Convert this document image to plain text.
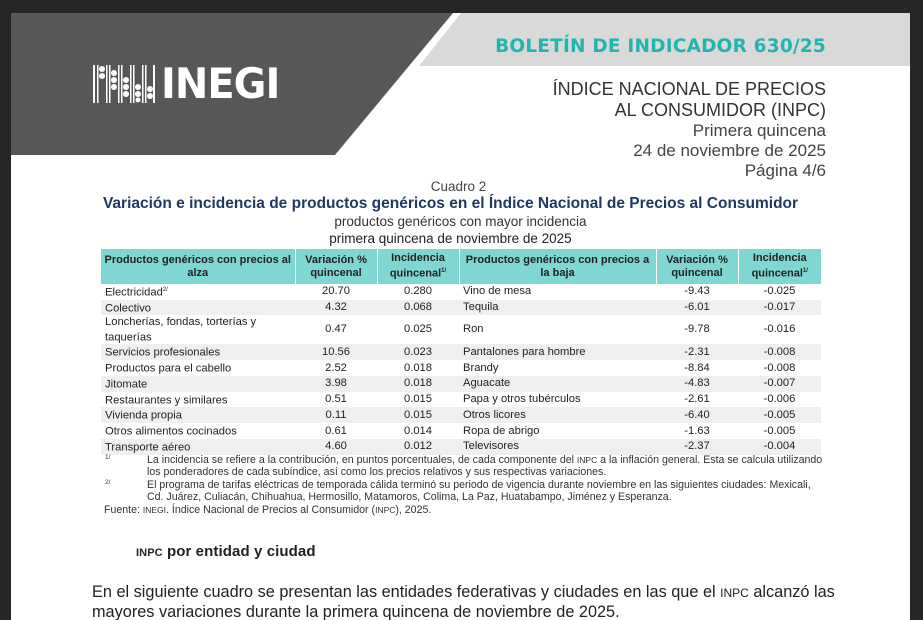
INEGI
BOLETÍN DE INDICADOR 630/25
ÍNDICE NACIONAL DE PRECIOS
AL CONSUMIDOR (INPC)
Primera quincena
24 de noviembre de 2025
Página 4/6
Cuadro 2
Variación e incidencia de productos genéricos en el Índice Nacional de Precios al Consumidor
productos genéricos con mayor incidencia
primera quincena de noviembre de 2025
Productos genéricos con precios al alza	Variación % quincenal	Incidencia quincenal$^{1/}$	Productos genéricos con precios a la baja	Variación % quincenal	Incidencia quincenal$^{1/}$
Electricidad$^{2/}$	20.70	0.280	Vino de mesa	-9.43	-0.025
Colectivo	4.32	0.068	Tequila	-6.01	-0.017
Loncherías, fondas, torterías y taquerías	0.47	0.025	Ron	-9.78	-0.016
Servicios profesionales	10.56	0.023	Pantalones para hombre	-2.31	-0.008
Productos para el cabello	2.52	0.018	Brandy	-8.84	-0.008
Jitomate	3.98	0.018	Aguacate	-4.83	-0.007
Restaurantes y similares	0.51	0.015	Papa y otros tubérculos	-2.61	-0.006
Vivienda propia	0.11	0.015	Otros licores	-6.40	-0.005
Otros alimentos cocinados	0.61	0.014	Ropa de abrigo	-1.63	-0.005
Transporte aéreo	4.60	0.012	Televisores	-2.37	-0.004
1/	La incidencia se refiere a la contribución, en puntos porcentuales, de cada componente del INPC a la inflación general. Esta se calcula utilizando los ponderadores de cada subíndice, así como los precios relativos y sus respectivas variaciones.
2/	El programa de tarifas eléctricas de temporada cálida terminó su periodo de vigencia durante noviembre en las siguientes ciudades: Mexicali, Cd. Juárez, Culiacán, Chihuahua, Hermosillo, Matamoros, Colima, La Paz, Huatabampo, Jiménez y Esperanza.
Fuente: INEGI. Índice Nacional de Precios al Consumidor (INPC), 2025.
INPC por entidad y ciudad
En el siguiente cuadro se presentan las entidades federativas y ciudades en las que el INPC alcanzó las mayores variaciones durante la primera quincena de noviembre de 2025.
